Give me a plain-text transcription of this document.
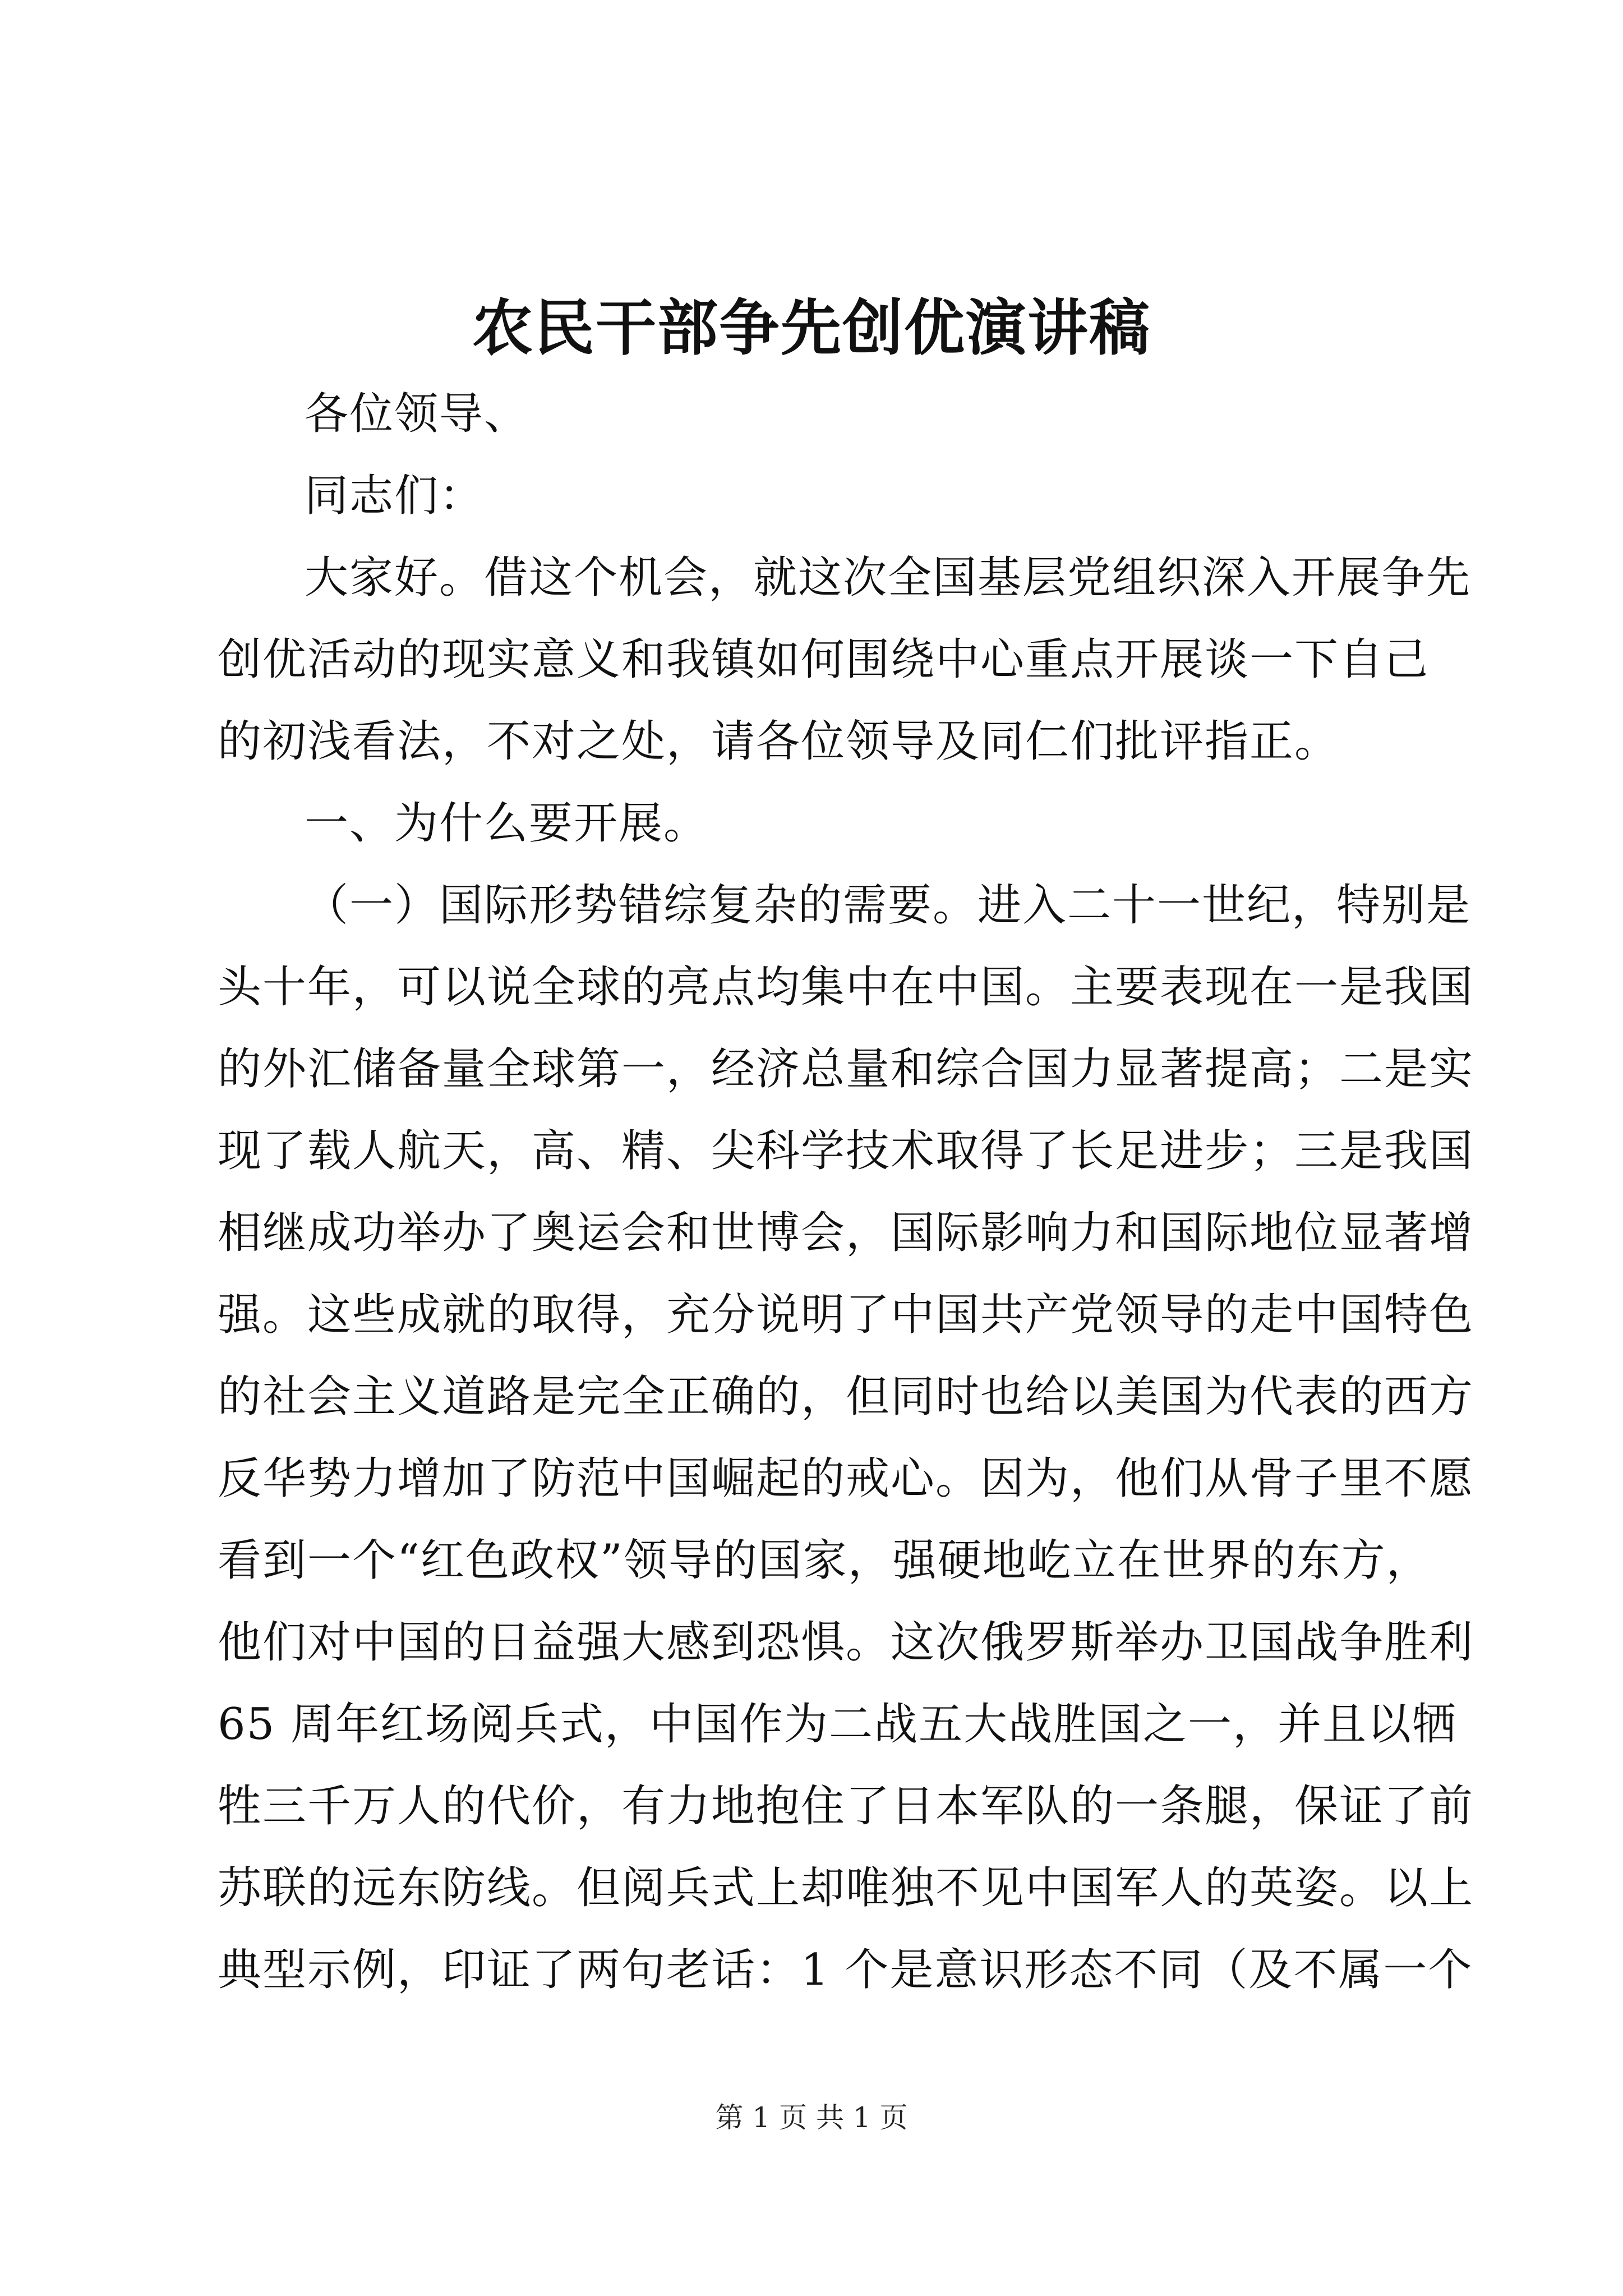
农民干部争先创优演讲稿
各位领导、
同志们：
大家好。借这个机会，就这次全国基层党组织深入开展争先
创优活动的现实意义和我镇如何围绕中心重点开展谈一下自己
的初浅看法，不对之处，请各位领导及同仁们批评指正。
一、为什么要开展。
（一）国际形势错综复杂的需要。进入二十一世纪，特别是
头十年，可以说全球的亮点均集中在中国。主要表现在一是我国
的外汇储备量全球第一，经济总量和综合国力显著提高；二是实
现了载人航天，高、精、尖科学技术取得了长足进步；三是我国
相继成功举办了奥运会和世博会，国际影响力和国际地位显著增
强。这些成就的取得，充分说明了中国共产党领导的走中国特色
的社会主义道路是完全正确的，但同时也给以美国为代表的西方
反华势力增加了防范中国崛起的戒心。因为，他们从骨子里不愿
看到一个“红色政权”领导的国家，强硬地屹立在世界的东方，
他们对中国的日益强大感到恐惧。这次俄罗斯举办卫国战争胜利
65 周年红场阅兵式，中国作为二战五大战胜国之一，并且以牺
牲三千万人的代价，有力地抱住了日本军队的一条腿，保证了前
苏联的远东防线。但阅兵式上却唯独不见中国军人的英姿。以上
典型示例，印证了两句老话：1 个是意识形态不同（及不属一个
第 1 页 共 1 页
